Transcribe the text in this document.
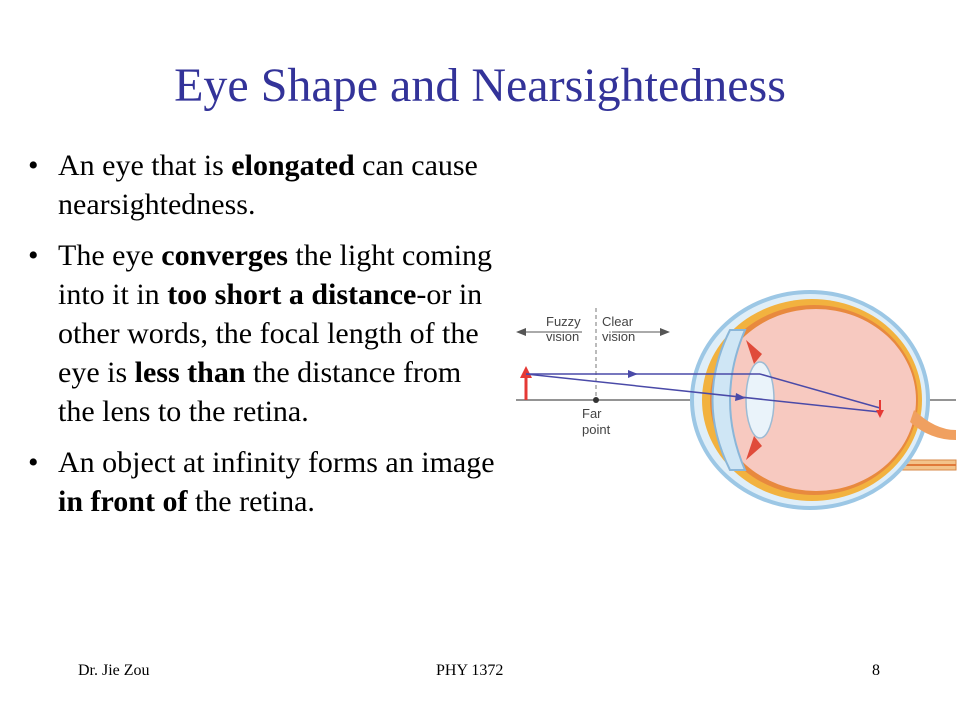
Eye Shape and Nearsightedness
• An eye that is elongated can cause nearsightedness.
• The eye converges the light coming into it in too short a distance-or in other words, the focal length of the eye is less than the distance from the lens to the retina.
• An object at infinity forms an image in front of the retina.
Fuzzy
vision
Clear
vision
Far
point
Dr. Jie Zou	PHY 1372	8
